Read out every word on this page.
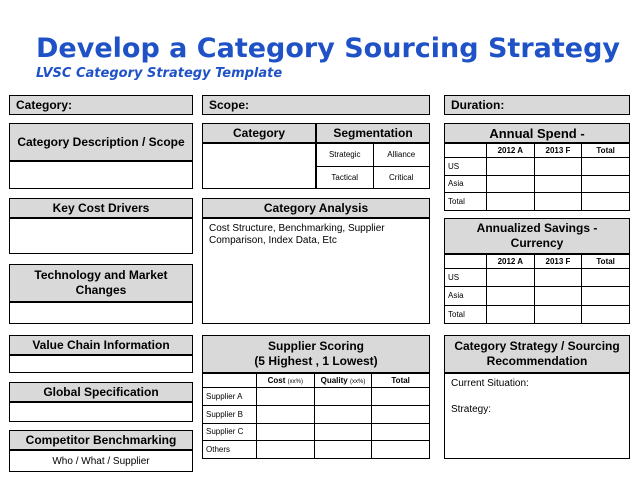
Develop a Category Sourcing Strategy
LVSC Category Strategy Template
Category:	Scope:	Duration:
Category Description / Scope
Key Cost Drivers
Technology and Market Changes
Value Chain Information
Global Specification
Competitor Benchmarking
Who / What / Supplier
Category	Segmentation
Strategic	Alliance
Tactical	Critical
Category Analysis
Cost Structure, Benchmarking, Supplier Comparison, Index Data, Etc
Supplier Scoring
(5 Highest , 1 Lowest)
	Cost (xx%)	Quality (xx%)	Total
Supplier A			
Supplier B			
Supplier C			
Others			
Annual Spend -
	2012 A	2013 F	Total
US			
Asia			
Total			
Annualized Savings - Currency
	2012 A	2013 F	Total
US			
Asia			
Total			
Category Strategy / Sourcing Recommendation
Current Situation:
Strategy:
